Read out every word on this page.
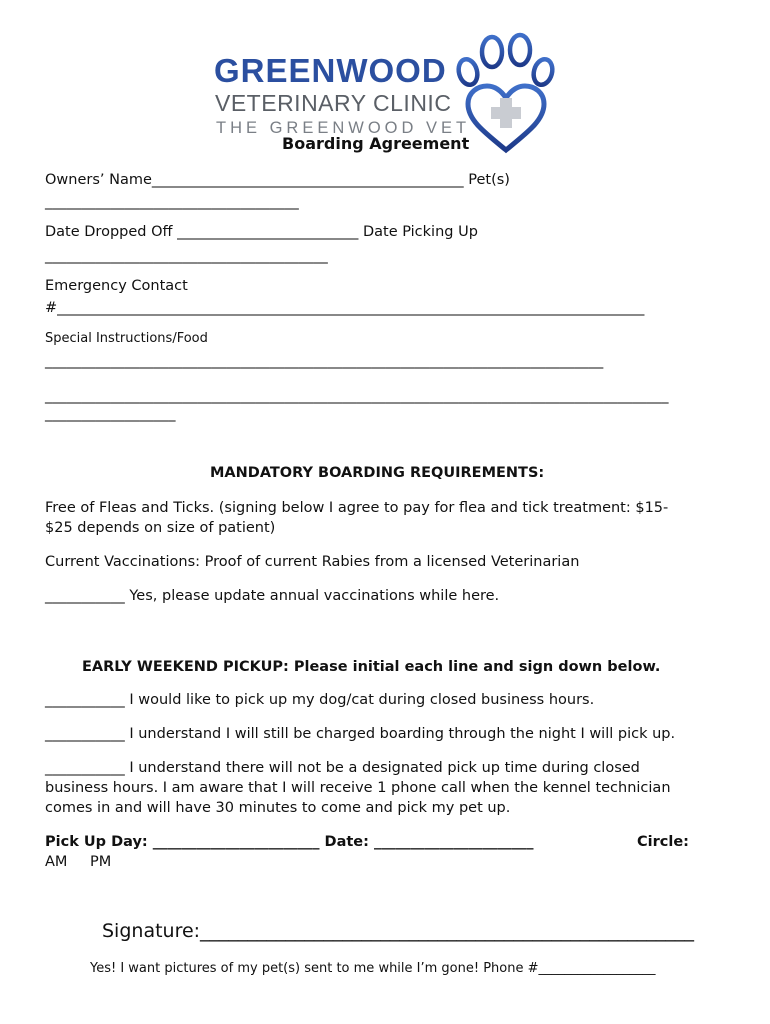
GREENWOOD
VETERINARY CLINIC
THE GREENWOOD VET
Boarding Agreement
Owners’ Name___________________________________________ Pet(s)
___________________________________
Date Dropped Off _________________________ Date Picking Up
_______________________________________
Emergency Contact
#_________________________________________________________________________________
Special Instructions/Food
_____________________________________________________________________________
______________________________________________________________________________________
__________________
MANDATORY BOARDING REQUIREMENTS:
Free of Fleas and Ticks. (signing below I agree to pay for flea and tick treatment: $15-
$25 depends on size of patient)
Current Vaccinations: Proof of current Rabies from a licensed Veterinarian
___________ Yes, please update annual vaccinations while here.
EARLY WEEKEND PICKUP: Please initial each line and sign down below.
___________ I would like to pick up my dog/cat during closed business hours.
___________ I understand I will still be charged boarding through the night I will pick up.
___________ I understand there will not be a designated pick up time during closed
business hours. I am aware that I will receive 1 phone call when the kennel technician
comes in and will have 30 minutes to come and pick my pet up.
Pick Up Day: _______________________ Date: ______________________	Circle:
AM PM
Signature:____________________________________________________
Yes! I want pictures of my pet(s) sent to me while I’m gone! Phone #__________________
